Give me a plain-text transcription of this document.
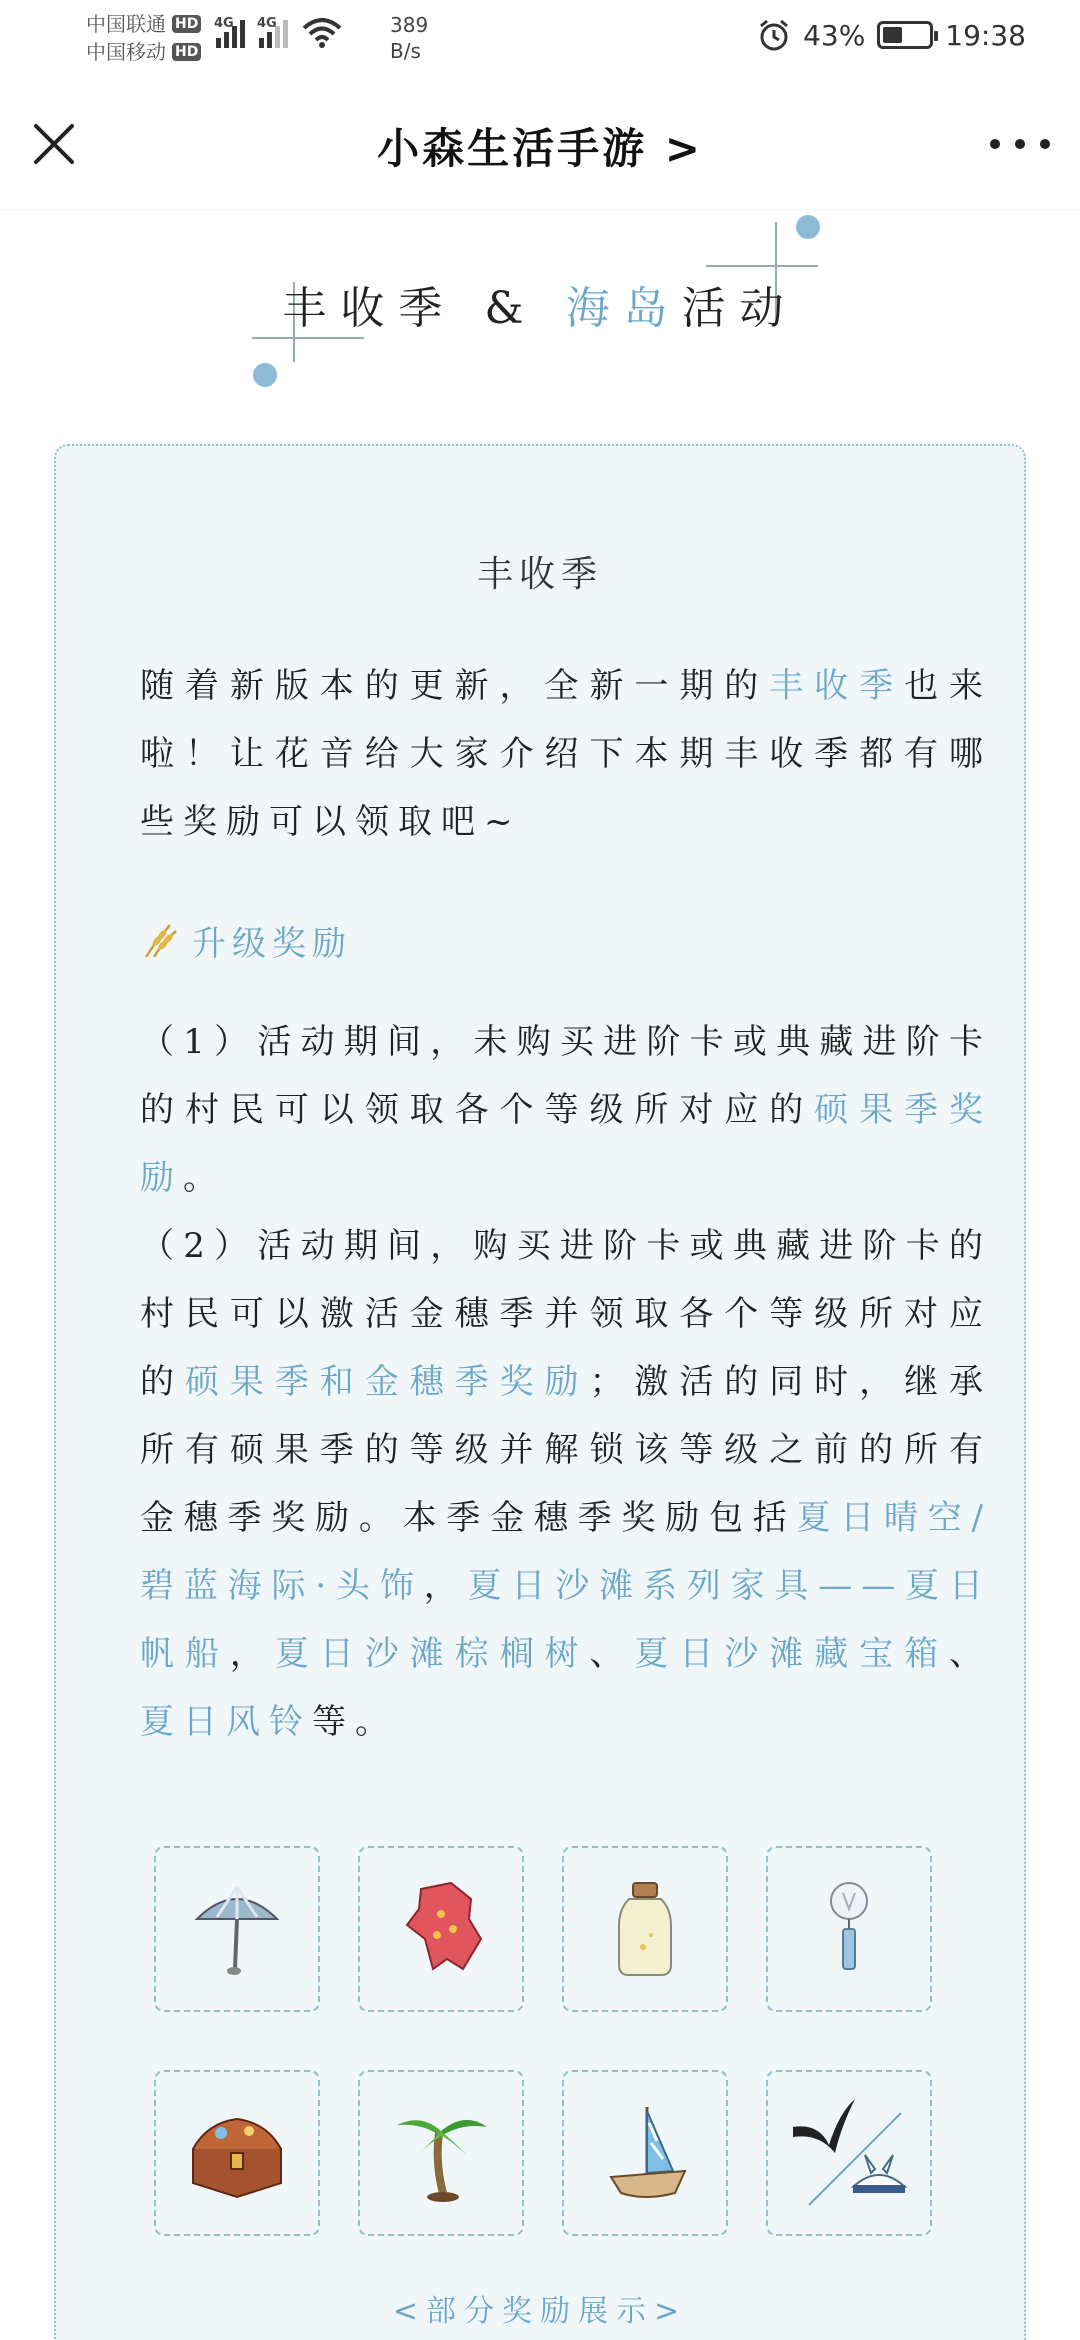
中国联通 HD
中国移动 HD
4G 4G	389
B/s	43%	19:38
小森生活手游 >
丰收季 & 海岛活动
丰收季

随着新版本的更新，全新一期的丰收季也来啦！让花音给大家介绍下本期丰收季都有哪些奖励可以领取吧~

升级奖励

（1）活动期间，未购买进阶卡或典藏进阶卡的村民可以领取各个等级所对应的硕果季奖励。

（2）活动期间，购买进阶卡或典藏进阶卡的村民可以激活金穗季并领取各个等级所对应的硕果季和金穗季奖励；激活的同时，继承所有硕果季的等级并解锁该等级之前的所有金穗季奖励。本季金穗季奖励包括夏日晴空/碧蓝海际·头饰，夏日沙滩系列家具——夏日帆船，夏日沙滩棕榈树、夏日沙滩藏宝箱、夏日风铃等。

<部分奖励展示>
